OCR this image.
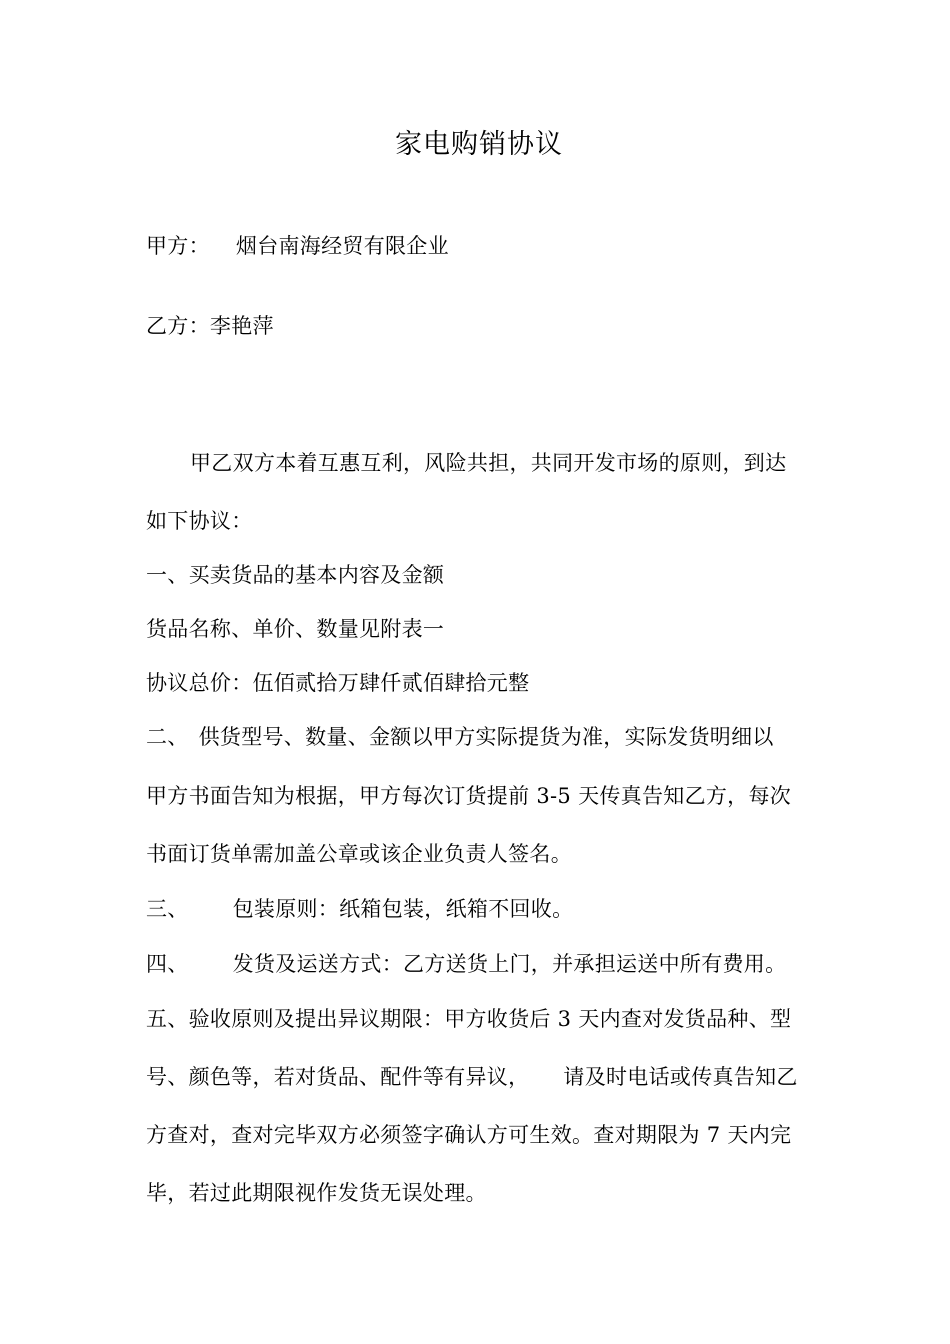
家电购销协议
甲方： 烟台南海经贸有限企业
乙方：李艳萍
甲乙双方本着互惠互利，风险共担，共同开发市场的原则，到达
如下协议：
一、买卖货品的基本内容及金额
货品名称、单价、数量见附表一
协议总价：伍佰贰拾万肆仟贰佰肆拾元整
二、 供货型号、数量、金额以甲方实际提货为准，实际发货明细以
甲方书面告知为根据，甲方每次订货提前 3-5 天传真告知乙方，每次
书面订货单需加盖公章或该企业负责人签名。
三、 包装原则：纸箱包装，纸箱不回收。
四、 发货及运送方式：乙方送货上门，并承担运送中所有费用。
五、验收原则及提出异议期限：甲方收货后 3 天内查对发货品种、型
号、颜色等，若对货品、配件等有异议， 请及时电话或传真告知乙
方查对，查对完毕双方必须签字确认方可生效。查对期限为 7 天内完
毕，若过此期限视作发货无误处理。
